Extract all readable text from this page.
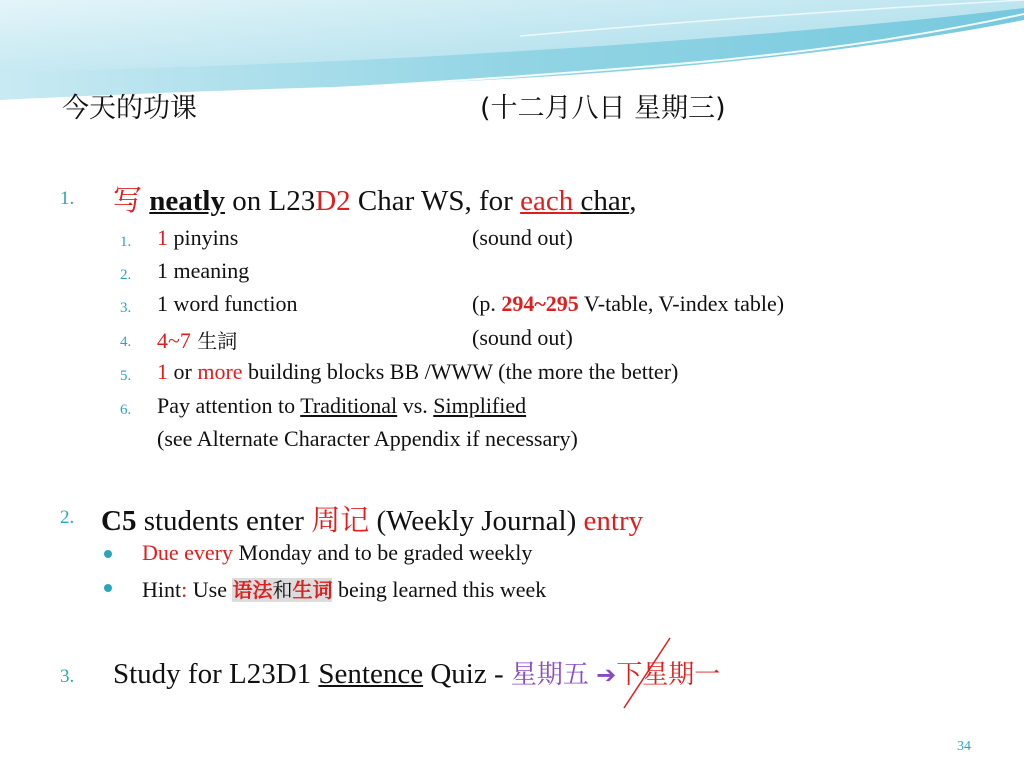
今天的功课	(十二月八日 星期三)
1. 写 neatly on L23D2 Char WS, for each char,
1. 1 pinyins	(sound out)
2. 1 meaning
3. 1 word function	(p. 294~295 V-table, V-index table)
4. 4~7 生詞	(sound out)
5. 1 or more building blocks BB /WWW (the more the better)
6. Pay attention to Traditional vs. Simplified
(see Alternate Character Appendix if necessary)
2. C5 students enter 周记 (Weekly Journal) entry
Due every Monday and to be graded weekly
Hint: Use 语法和生词 being learned this week
3. Study for L23D1 Sentence Quiz - 星期五 ➔下星期一
34
